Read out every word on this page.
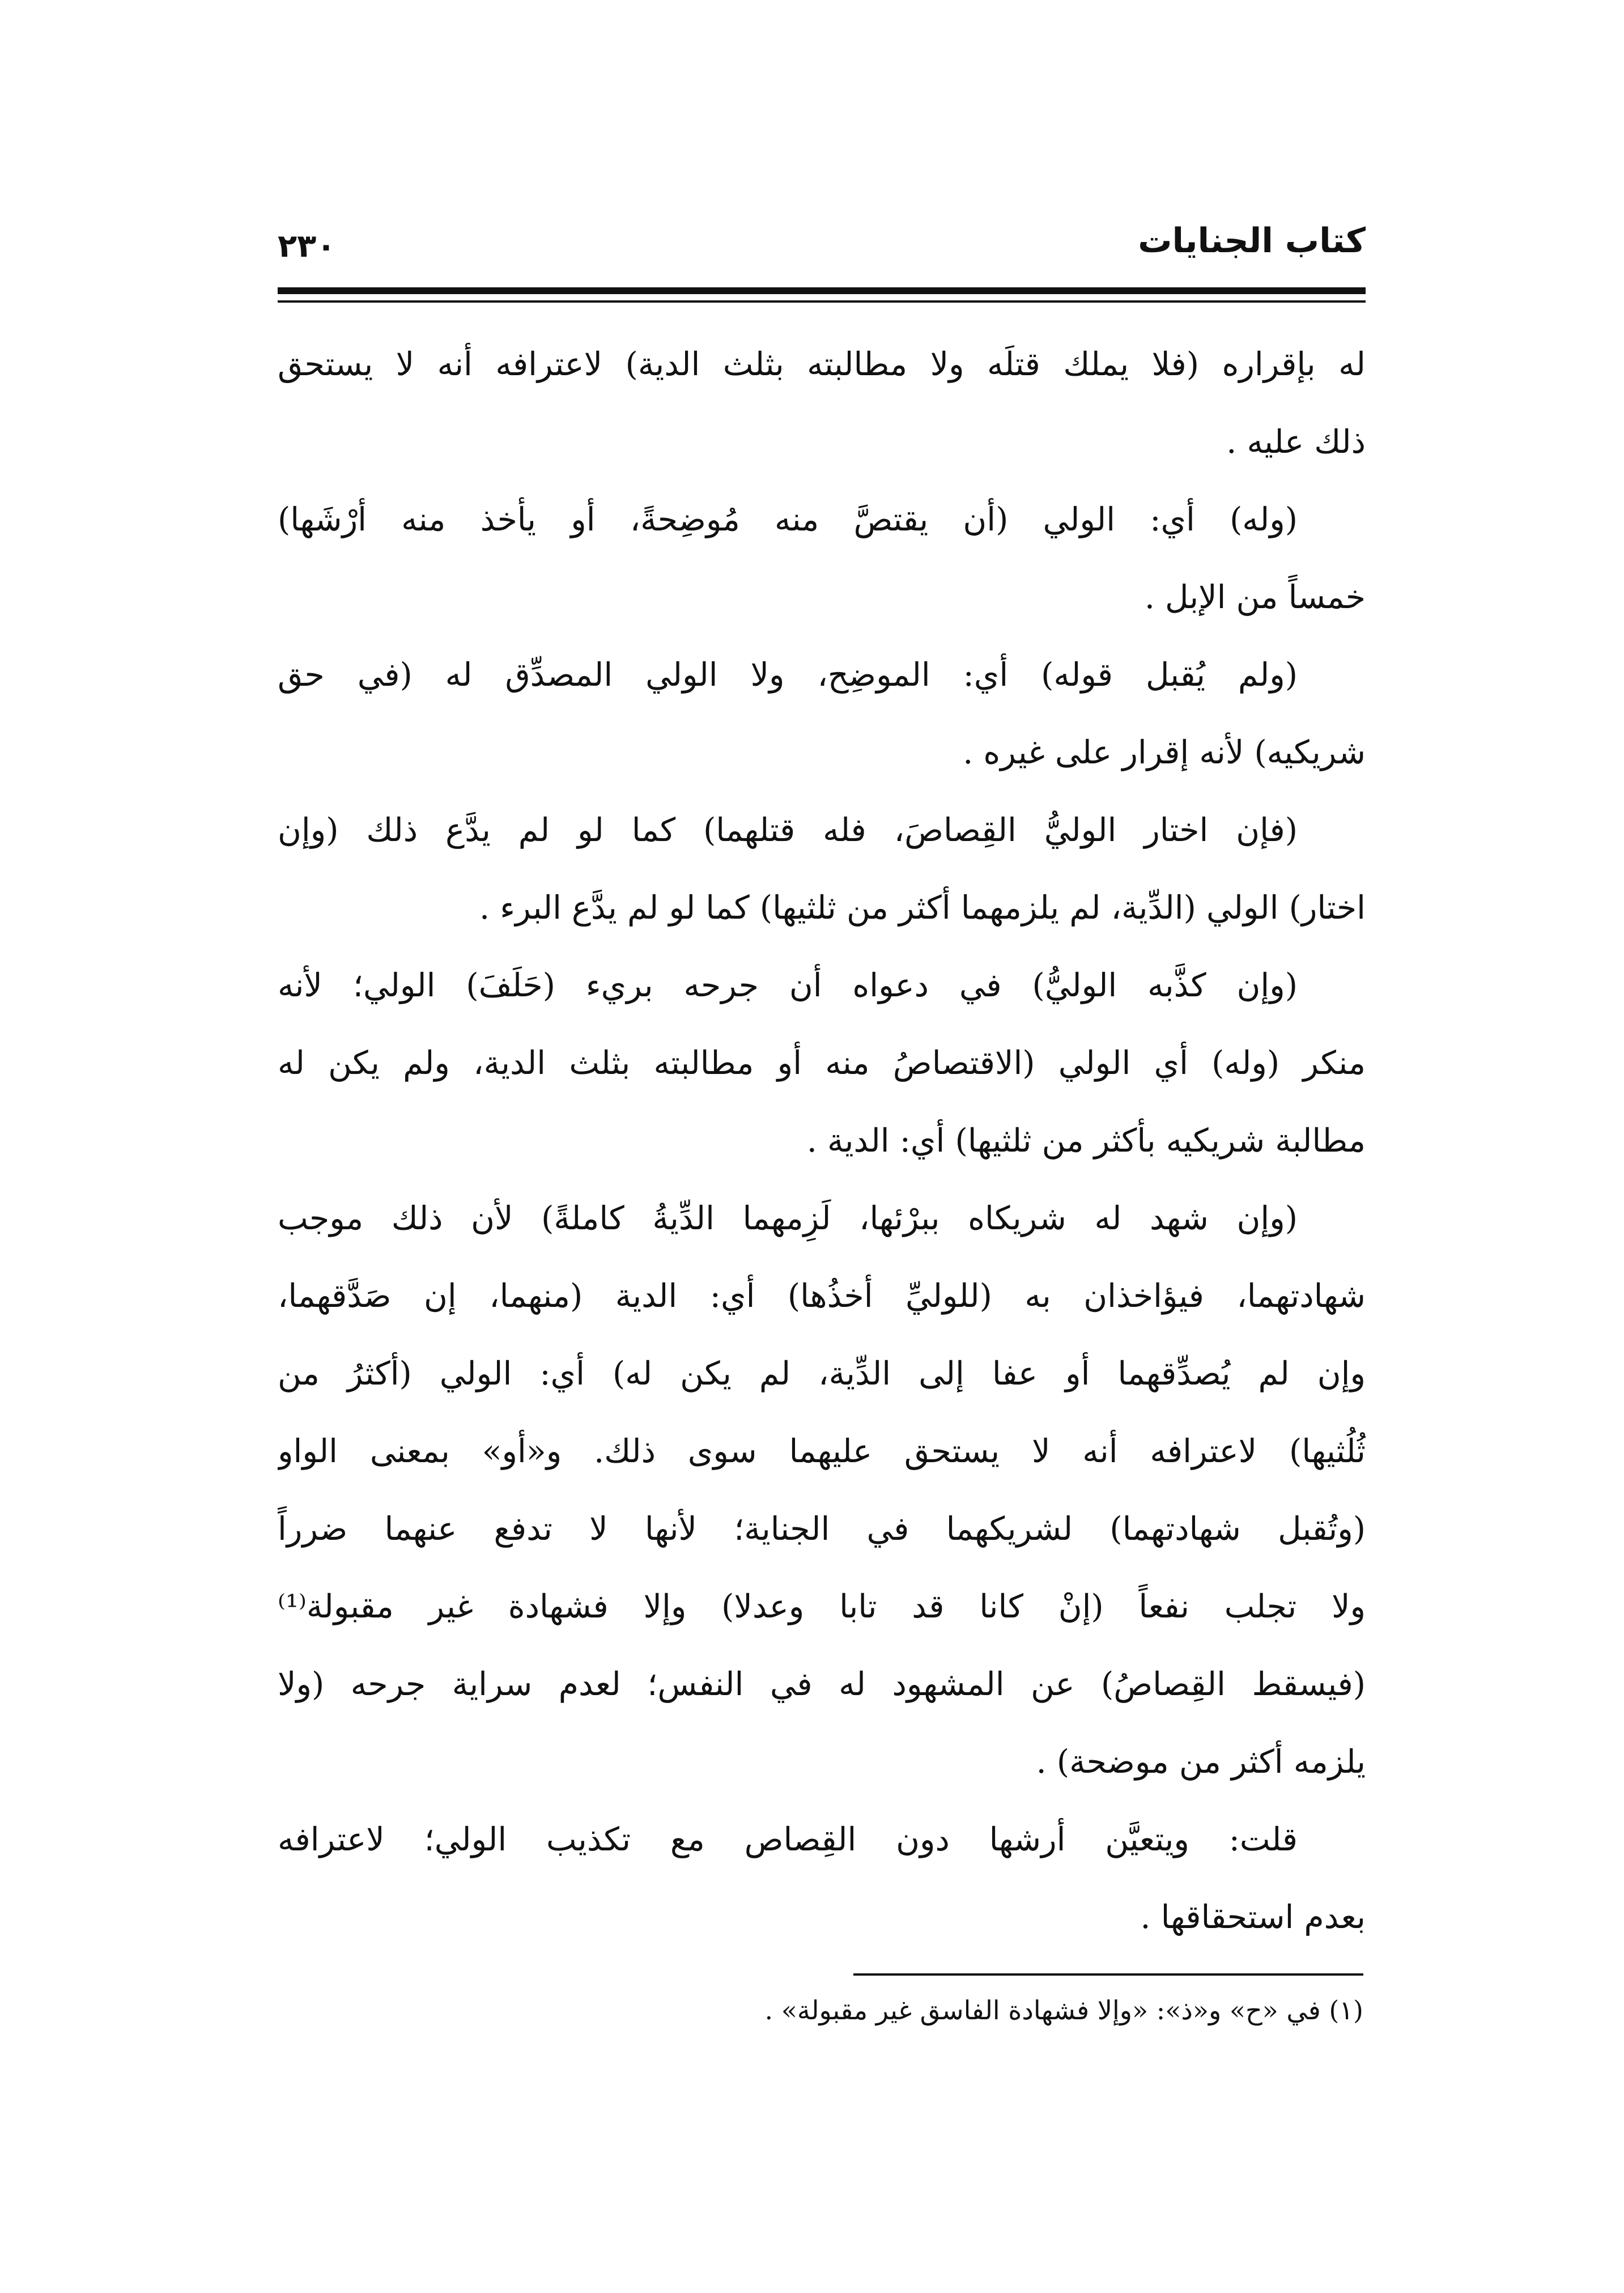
كتاب الجنايات
٢٣٠
له بإقراره (فلا يملك قتلَه ولا مطالبته بثلث الدية) لاعترافه أنه لا يستحق
ذلك عليه .
(وله) أي: الولي (أن يقتصَّ منه مُوضِحةً، أو يأخذ منه أرْشَها)
خمساً من الإبل .
(ولم يُقبل قوله) أي: الموضِح، ولا الولي المصدِّق له (في حق
شريكيه) لأنه إقرار على غيره .
(فإن اختار الوليُّ القِصاصَ، فله قتلهما) كما لو لم يدَّع ذلك (وإن
اختار) الولي (الدِّية، لم يلزمهما أكثر من ثلثيها) كما لو لم يدَّع البرء .
(وإن كذَّبه الوليُّ) في دعواه أن جرحه بريء (حَلَفَ) الولي؛ لأنه
منكر (وله) أي الولي (الاقتصاصُ منه أو مطالبته بثلث الدية، ولم يكن له
مطالبة شريكيه بأكثر من ثلثيها) أي: الدية .
(وإن شهد له شريكاه ببرْئها، لَزِمهما الدِّيةُ كاملةً) لأن ذلك موجب
شهادتهما، فيؤاخذان به (للوليِّ أخذُها) أي: الدية (منهما، إن صَدَّقهما،
وإن لم يُصدِّقهما أو عفا إلى الدِّية، لم يكن له) أي: الولي (أكثرُ من
ثُلُثيها) لاعترافه أنه لا يستحق عليهما سوى ذلك. و«أو» بمعنى الواو
(وتُقبل شهادتهما) لشريكهما في الجناية؛ لأنها لا تدفع عنهما ضرراً
ولا تجلب نفعاً (إنْ كانا قد تابا وعدلا) وإلا فشهادة غير مقبولة⁽¹⁾
(فيسقط القِصاصُ) عن المشهود له في النفس؛ لعدم سراية جرحه (ولا
يلزمه أكثر من موضحة) .
قلت: ويتعيَّن أرشها دون القِصاص مع تكذيب الولي؛ لاعترافه
بعدم استحقاقها .
(١) في «ح» و«ذ»: «وإلا فشهادة الفاسق غير مقبولة» .
